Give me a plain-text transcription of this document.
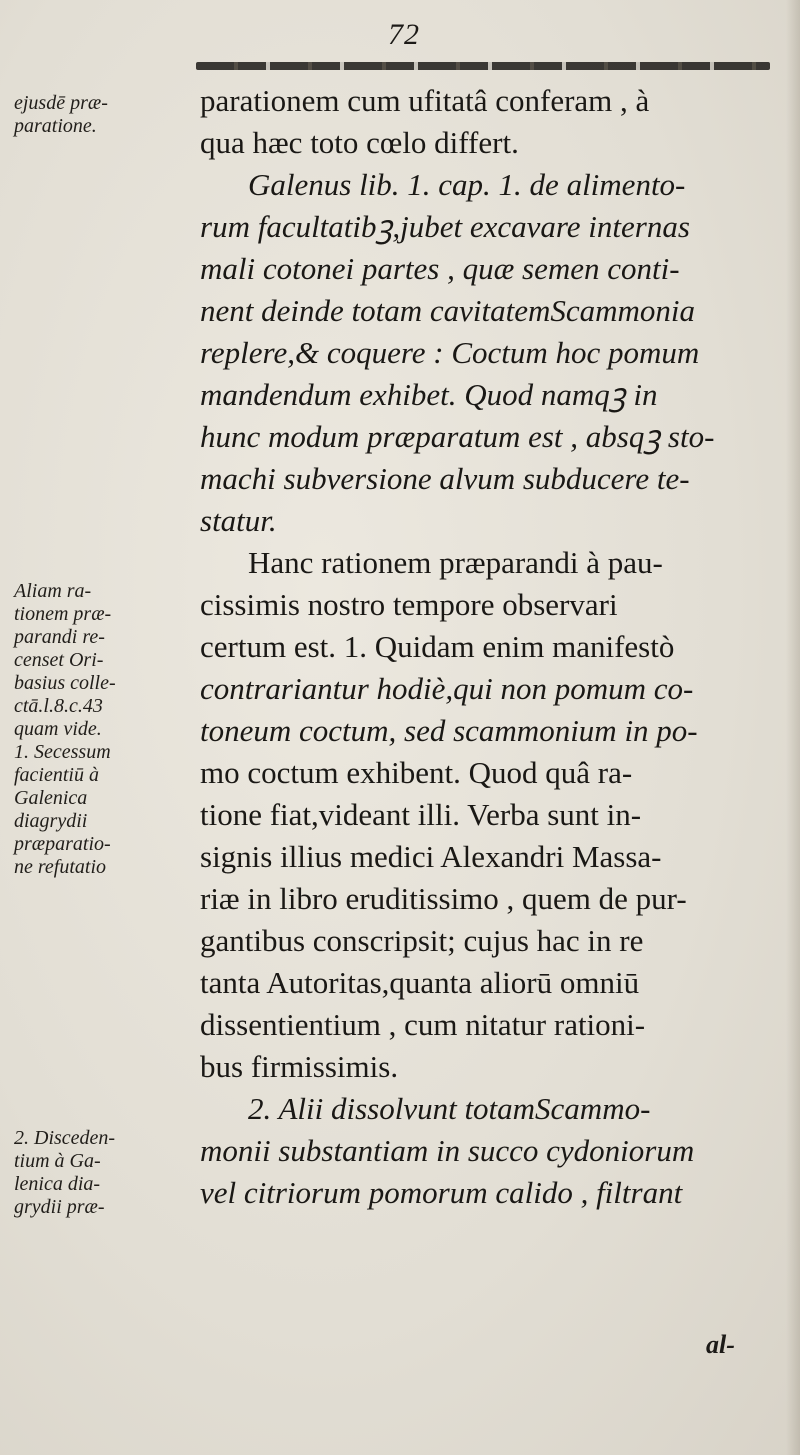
72
ejusdē præ-
paratione.
Aliam ra-
tionem præ-
parandi re-
censet Ori-
basius colle-
ctā.l.8.c.43
quam vide.
1. Secessum
facientiū à
Galenica
diagrydii
præparatio-
ne refutatio
2. Disceden-
tium à Ga-
lenica dia-
grydii præ-
parationem cum ufitatâ conferam , à
qua hæc toto cœlo differt.
Galenus lib. 1. cap. 1. de alimento-
rum facultatibꝫ,jubet excavare internas
mali cotonei partes , quæ semen conti-
nent deinde totam cavitatemScammonia
replere,& coquere : Coctum hoc pomum
mandendum exhibet. Quod namqꝫ in
hunc modum præparatum est , absqꝫ sto-
machi subversione alvum subducere te-
statur.
Hanc rationem præparandi à pau-
cissimis nostro tempore observari
certum est. 1. Quidam enim manifestò
contrariantur hodiè,qui non pomum co-
toneum coctum, sed scammonium in po-
mo coctum exhibent. Quod quâ ra-
tione fiat,videant illi. Verba sunt in-
signis illius medici Alexandri Massa-
riæ in libro eruditissimo , quem de pur-
gantibus conscripsit; cujus hac in re
tanta Autoritas,quanta aliorū omniū
dissentientium , cum nitatur rationi-
bus firmissimis.
2. Alii dissolvunt totamScammo-
monii substantiam in succo cydoniorum
vel citriorum pomorum calido , filtrant
al-
